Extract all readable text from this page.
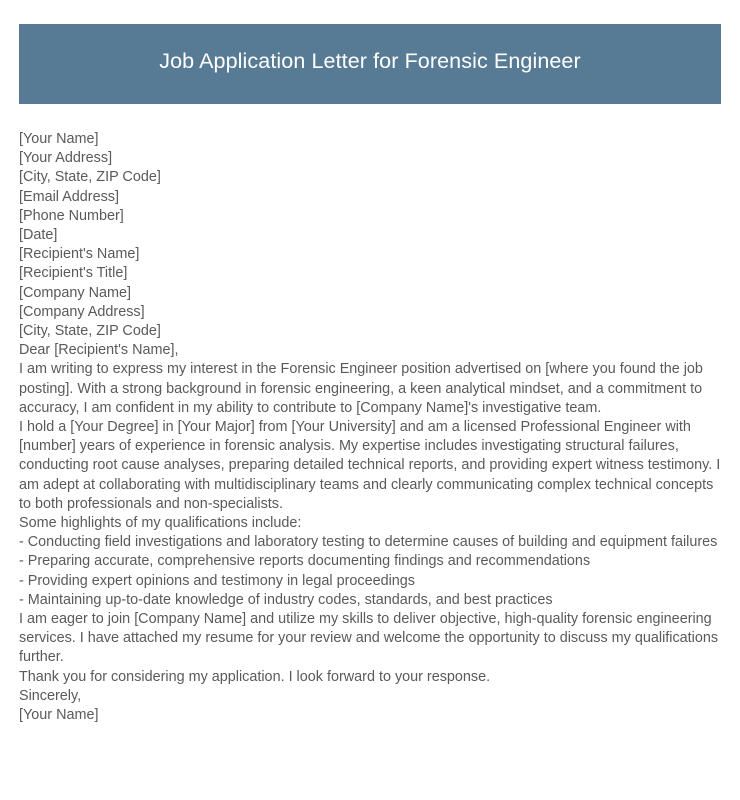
Job Application Letter for Forensic Engineer

[Your Name]

[Your Address]

[City, State, ZIP Code]

[Email Address]

[Phone Number]

[Date]

[Recipient's Name]

[Recipient's Title]

[Company Name]

[Company Address]

[City, State, ZIP Code]

Dear [Recipient's Name],

I am writing to express my interest in the Forensic Engineer position advertised on [where you found the job posting]. With a strong background in forensic engineering, a keen analytical mindset, and a commitment to accuracy, I am confident in my ability to contribute to [Company Name]'s investigative team.

I hold a [Your Degree] in [Your Major] from [Your University] and am a licensed Professional Engineer with [number] years of experience in forensic analysis. My expertise includes investigating structural failures, conducting root cause analyses, preparing detailed technical reports, and providing expert witness testimony. I am adept at collaborating with multidisciplinary teams and clearly communicating complex technical concepts to both professionals and non-specialists.

Some highlights of my qualifications include:

- Conducting field investigations and laboratory testing to determine causes of building and equipment failures

- Preparing accurate, comprehensive reports documenting findings and recommendations

- Providing expert opinions and testimony in legal proceedings

- Maintaining up-to-date knowledge of industry codes, standards, and best practices

I am eager to join [Company Name] and utilize my skills to deliver objective, high-quality forensic engineering services. I have attached my resume for your review and welcome the opportunity to discuss my qualifications further.

Thank you for considering my application. I look forward to your response.

Sincerely,

[Your Name]
